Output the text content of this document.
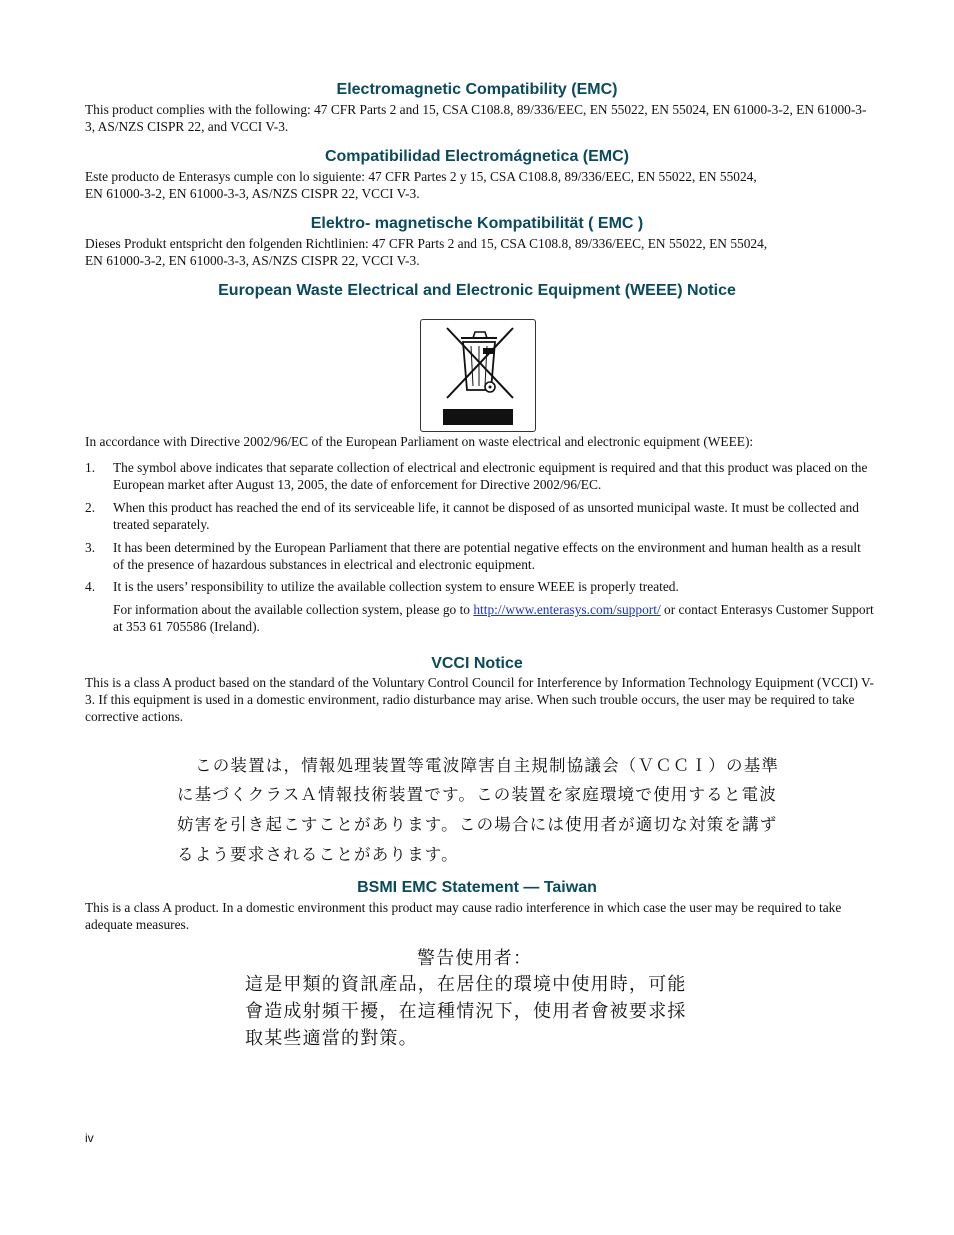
Electromagnetic Compatibility (EMC)

This product complies with the following: 47 CFR Parts 2 and 15, CSA C108.8, 89/336/EEC, EN 55022, EN 55024, EN 61000-3-2, EN 61000-3-3, AS/NZS CISPR 22, and VCCI V-3.

Compatibilidad Electromágnetica (EMC)
Este producto de Enterasys cumple con lo siguiente: 47 CFR Partes 2 y 15, CSA C108.8, 89/336/EEC, EN 55022, EN 55024,
EN 61000-3-2, EN 61000-3-3, AS/NZS CISPR 22, VCCI V-3.
Elektro- magnetische Kompatibilität ( EMC )
Dieses Produkt entspricht den folgenden Richtlinien: 47 CFR Parts 2 and 15, CSA C108.8, 89/336/EEC, EN 55022, EN 55024,
EN 61000-3-2, EN 61000-3-3, AS/NZS CISPR 22, VCCI V-3.
European Waste Electrical and Electronic Equipment (WEEE) Notice
In accordance with Directive 2002/96/EC of the European Parliament on waste electrical and electronic equipment (WEEE):
1. The symbol above indicates that separate collection of electrical and electronic equipment is required and that this product was placed on the European market after August 13, 2005, the date of enforcement for Directive 2002/96/EC.
2. When this product has reached the end of its serviceable life, it cannot be disposed of as unsorted municipal waste. It must be collected and treated separately.
3. It has been determined by the European Parliament that there are potential negative effects on the environment and human health as a result of the presence of hazardous substances in electrical and electronic equipment.
4. It is the users’ responsibility to utilize the available collection system to ensure WEEE is properly treated.
For information about the available collection system, please go to http://www.enterasys.com/support/ or contact Enterasys Customer Support at 353 61 705586 (Ireland).
VCCI Notice

This is a class A product based on the standard of the Voluntary Control Council for Interference by Information Technology Equipment (VCCI) V-3. If this equipment is used in a domestic environment, radio disturbance may arise. When such trouble occurs, the user may be required to take corrective actions.

この装置は，情報処理装置等電波障害自主規制協議会（ＶＣＣＩ）の基準
に基づくクラスＡ情報技術装置です。この装置を家庭環境で使用すると電波
妨害を引き起こすことがあります。この場合には使用者が適切な対策を講ず
るよう要求されることがあります。
BSMI EMC Statement — Taiwan

This is a class A product. In a domestic environment this product may cause radio interference in which case the user may be required to take adequate measures.

警告使用者：
這是甲類的資訊產品，在居住的環境中使用時，可能
會造成射頻干擾，在這種情況下，使用者會被要求採
取某些適當的對策。
iv
